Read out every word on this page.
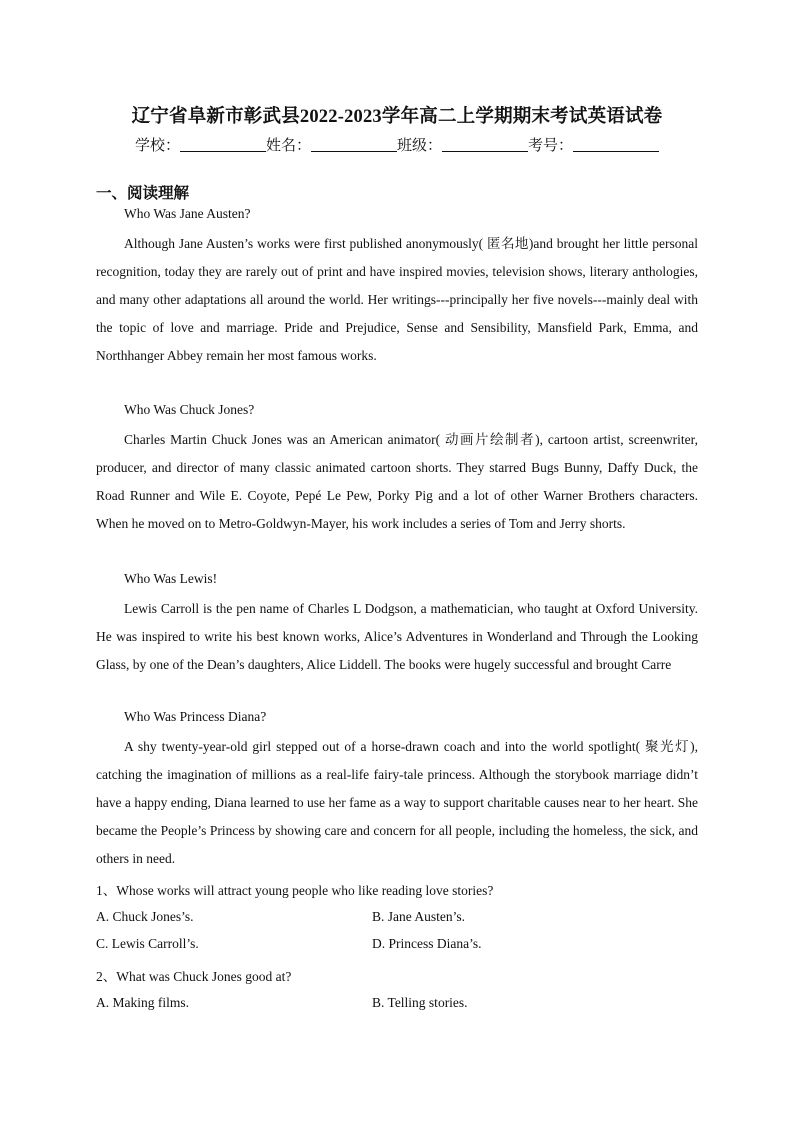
辽宁省阜新市彰武县2022-2023学年高二上学期期末考试英语试卷
学校：	姓名：	班级：	考号：
一、阅读理解
Who Was Jane Austen?
Although Jane Austen’s works were first published anonymously( 匿名地)and brought her little personal recognition, today they are rarely out of print and have inspired movies, television shows, literary anthologies, and many other adaptations all around the world. Her writings---principally her five novels---mainly deal with the topic of love and marriage. Pride and Prejudice, Sense and Sensibility, Mansfield Park, Emma, and Northhanger Abbey remain her most famous works.
Who Was Chuck Jones?
Charles Martin Chuck Jones was an American animator( 动画片绘制者), cartoon artist, screenwriter, producer, and director of many classic animated cartoon shorts. They starred Bugs Bunny, Daffy Duck, the Road Runner and Wile E. Coyote, Pepé Le Pew, Porky Pig and a lot of other Warner Brothers characters. When he moved on to Metro-Goldwyn-Mayer, his work includes a series of Tom and Jerry shorts.
Who Was Lewis!
Lewis Carroll is the pen name of Charles L Dodgson, a mathematician, who taught at Oxford University. He was inspired to write his best known works, Alice’s Adventures in Wonderland and Through the Looking Glass, by one of the Dean’s daughters, Alice Liddell. The books were hugely successful and brought Carre
Who Was Princess Diana?
A shy twenty-year-old girl stepped out of a horse-drawn coach and into the world spotlight( 聚光灯), catching the imagination of millions as a real-life fairy-tale princess. Although the storybook marriage didn’t have a happy ending, Diana learned to use her fame as a way to support charitable causes near to her heart. She became the People’s Princess by showing care and concern for all people, including the homeless, the sick, and others in need.
1、Whose works will attract young people who like reading love stories?
A. Chuck Jones’s.	B. Jane Austen’s.
C. Lewis Carroll’s.	D. Princess Diana’s.
2、What was Chuck Jones good at?
A. Making films.	B. Telling stories.
